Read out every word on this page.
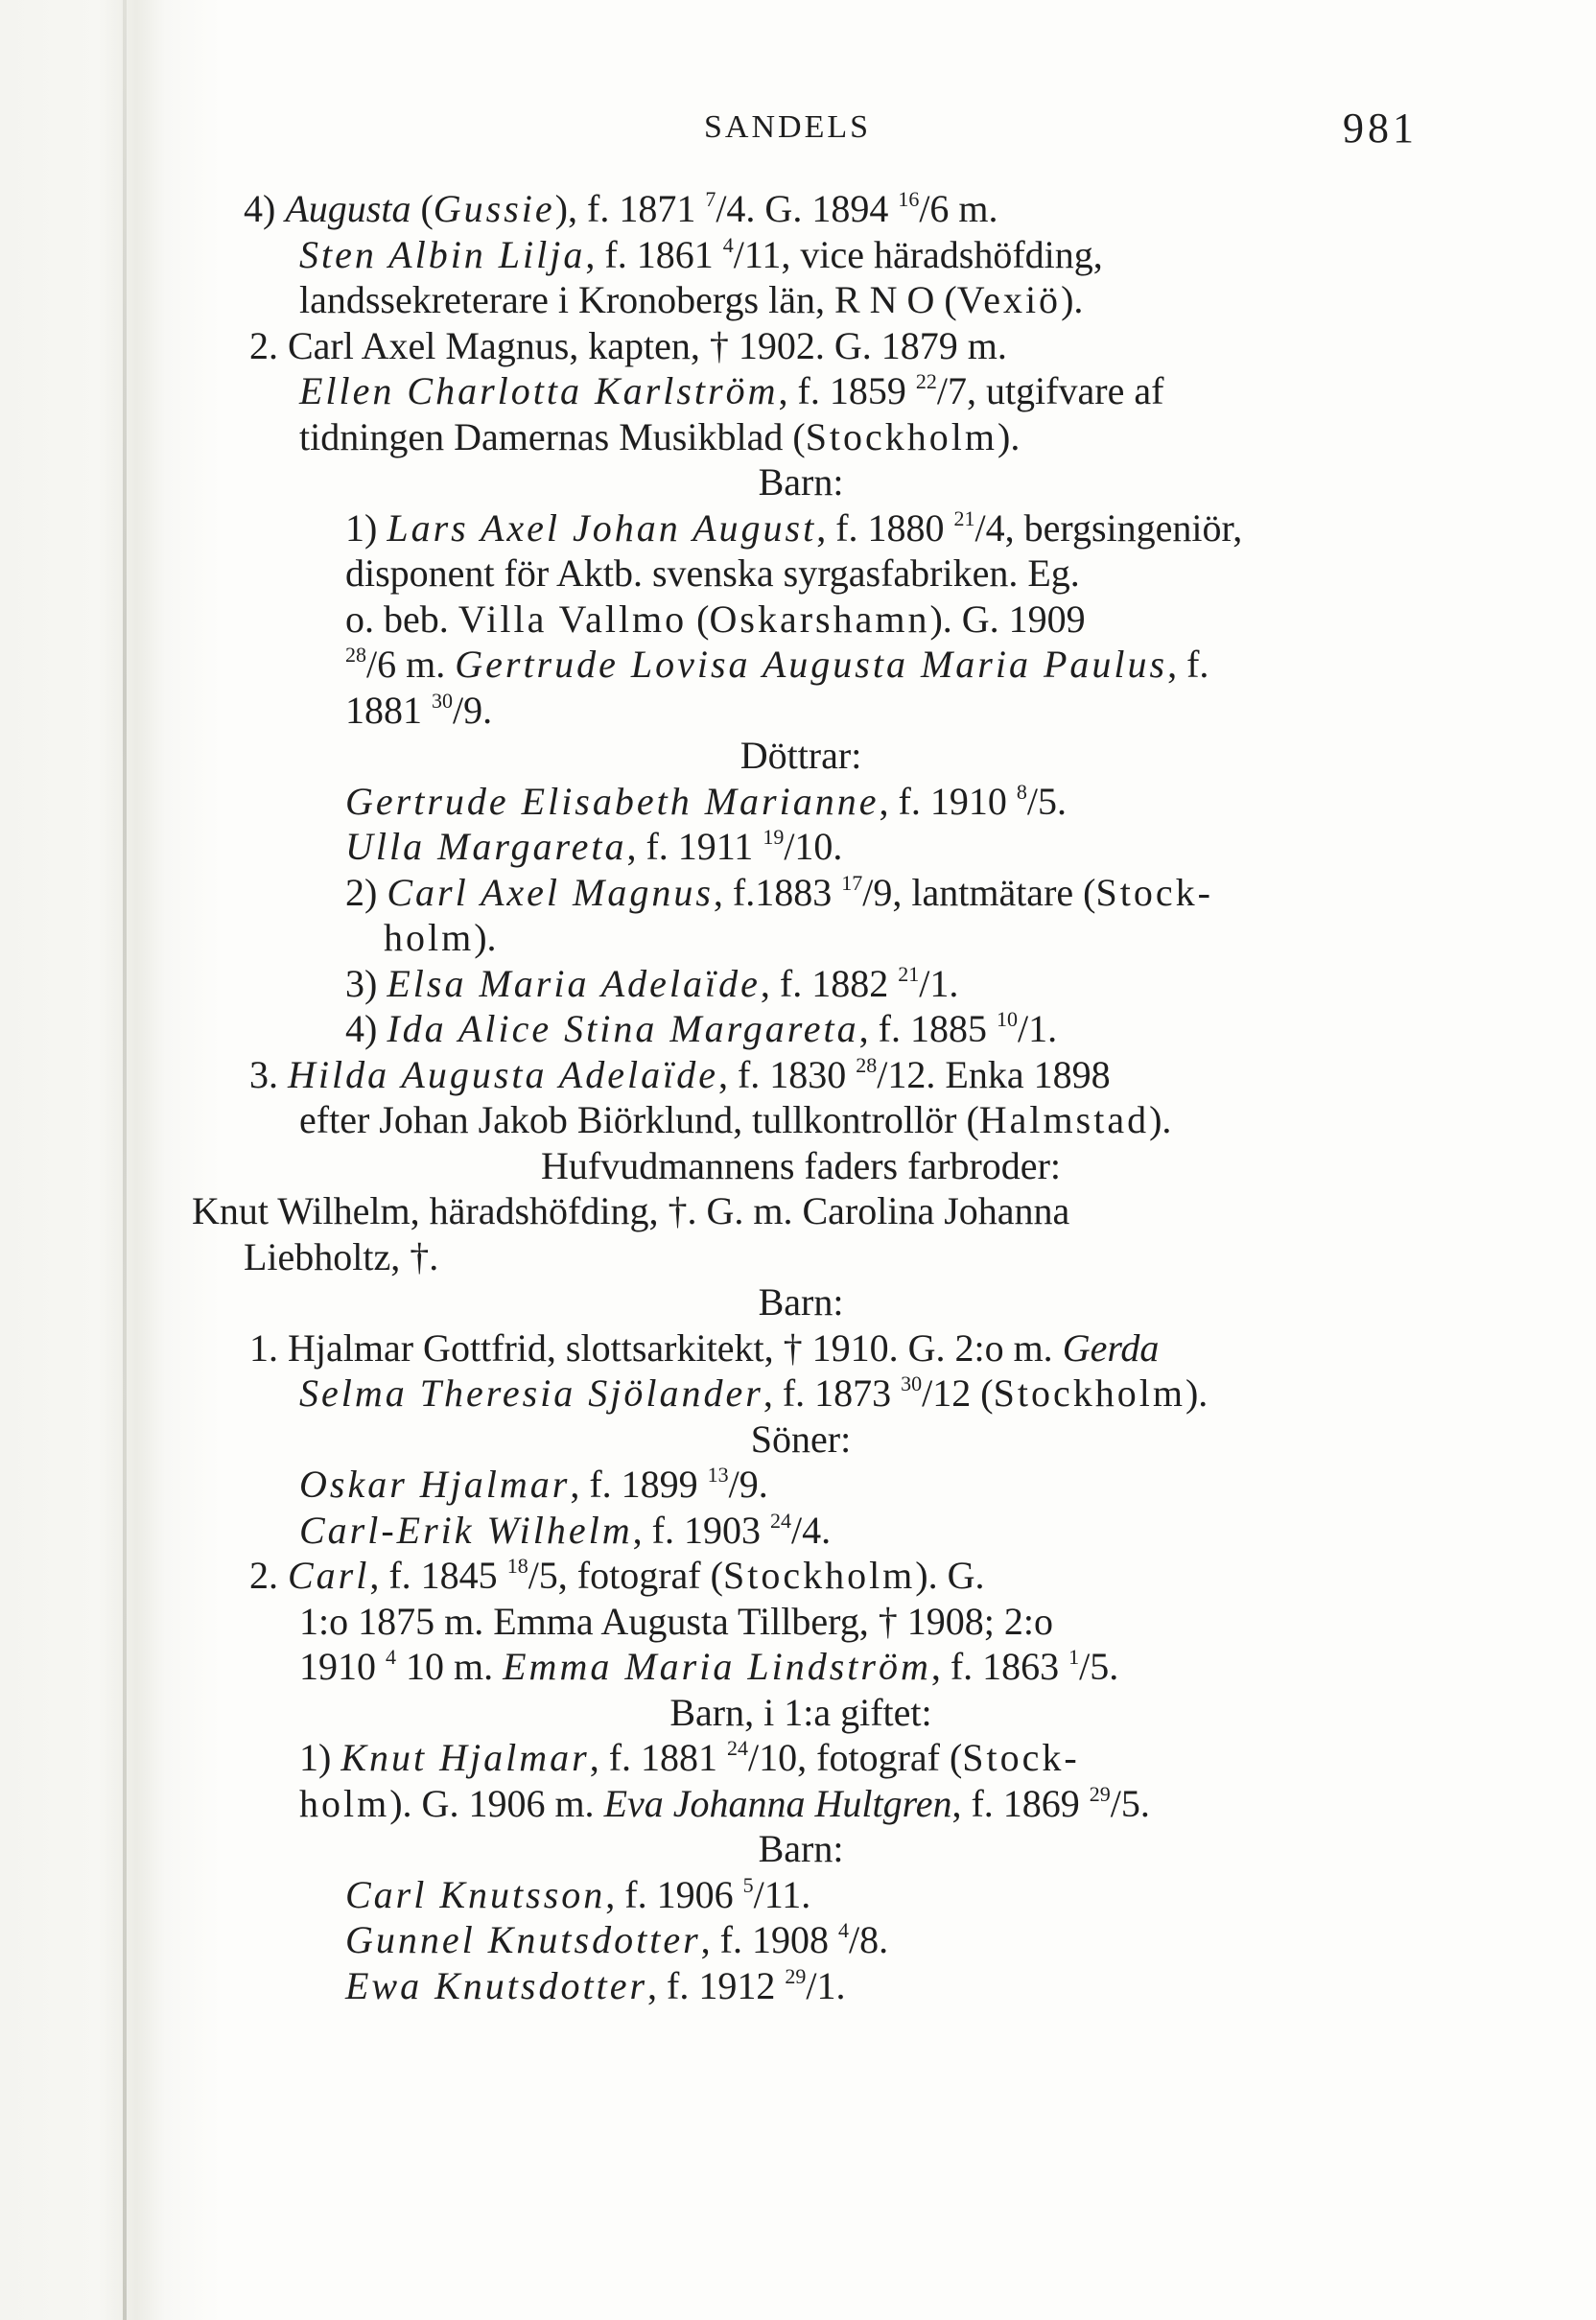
SANDELS	981
4) Augusta (Gussie), f. 1871 $^7$/4. G. 1894 $^{16}$/6 m.
Sten Albin Lilja, f. 1861 $^4$/11, vice häradshöfding,
landssekreterare i Kronobergs län, R N O (Vexiö).
2. Carl Axel Magnus, kapten, † 1902. G. 1879 m.
Ellen Charlotta Karlström, f. 1859 $^{22}$/7, utgifvare af
tidningen Damernas Musikblad (Stockholm).
Barn:
1) Lars Axel Johan August, f. 1880 $^{21}$/4, bergsingeniör,
disponent för Aktb. svenska syrgasfabriken. Eg.
o. beb. Villa Vallmo (Oskarshamn). G. 1909
$^{28}$/6 m. Gertrude Lovisa Augusta Maria Paulus, f.
1881 $^{30}$/9.
Döttrar:
Gertrude Elisabeth Marianne, f. 1910 $^8$/5.
Ulla Margareta, f. 1911 $^{19}$/10.
2) Carl Axel Magnus, f.1883 $^{17}$/9, lantmätare (Stock-
holm).
3) Elsa Maria Adelaïde, f. 1882 $^{21}$/1.
4) Ida Alice Stina Margareta, f. 1885 $^{10}$/1.
3. Hilda Augusta Adelaïde, f. 1830 $^{28}$/12. Enka 1898
efter Johan Jakob Biörklund, tullkontrollör (Halmstad).
Hufvudmannens faders farbroder:
Knut Wilhelm, häradshöfding, †. G. m. Carolina Johanna
Liebholtz, †.
Barn:
1. Hjalmar Gottfrid, slottsarkitekt, † 1910. G. 2:o m. Gerda
Selma Theresia Sjölander, f. 1873 $^{30}$/12 (Stockholm).
Söner:
Oskar Hjalmar, f. 1899 $^{13}$/9.
Carl-Erik Wilhelm, f. 1903 $^{24}$/4.
2. Carl, f. 1845 $^{18}$/5, fotograf (Stockholm). G.
1:o 1875 m. Emma Augusta Tillberg, † 1908; 2:o
1910 $^4$ 10 m. Emma Maria Lindström, f. 1863 $^1$/5.
Barn, i 1:a giftet:
1) Knut Hjalmar, f. 1881 $^{24}$/10, fotograf (Stock-
holm). G. 1906 m. Eva Johanna Hultgren, f. 1869 $^{29}$/5.
Barn:
Carl Knutsson, f. 1906 $^5$/11.
Gunnel Knutsdotter, f. 1908 $^4$/8.
Ewa Knutsdotter, f. 1912 $^{29}$/1.
